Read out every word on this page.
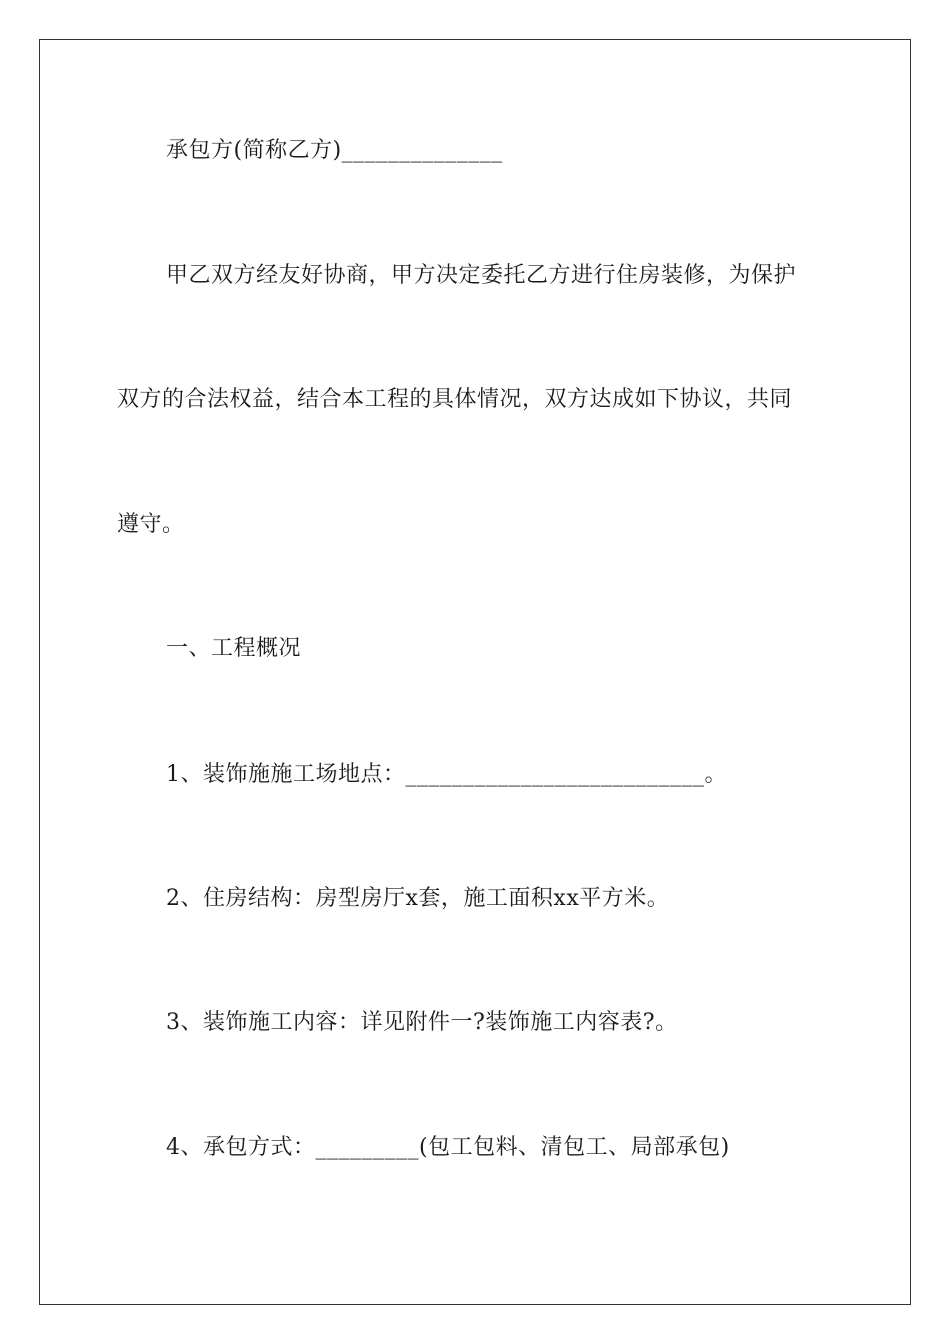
承包方(简称乙方)______________
甲乙双方经友好协商，甲方决定委托乙方进行住房装修，为保护
双方的合法权益，结合本工程的具体情况，双方达成如下协议，共同
遵守。
一、工程概况
1、装饰施施工场地点：__________________________。
2、住房结构：房型房厅x套，施工面积xx平方米。
3、装饰施工内容：详见附件一?装饰施工内容表?。
4、承包方式：_________(包工包料、清包工、局部承包)
